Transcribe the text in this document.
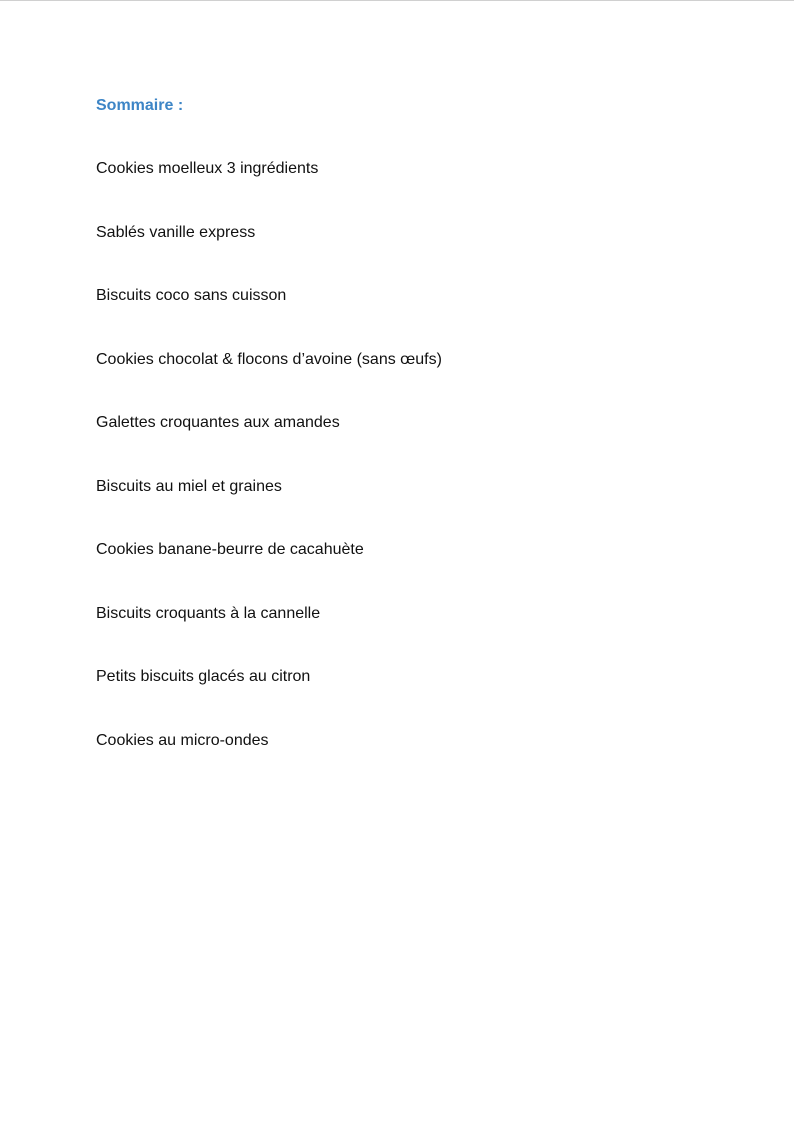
Sommaire :
Cookies moelleux 3 ingrédients
Sablés vanille express
Biscuits coco sans cuisson
Cookies chocolat & flocons d’avoine (sans œufs)
Galettes croquantes aux amandes
Biscuits au miel et graines
Cookies banane-beurre de cacahuète
Biscuits croquants à la cannelle
Petits biscuits glacés au citron
Cookies au micro-ondes
